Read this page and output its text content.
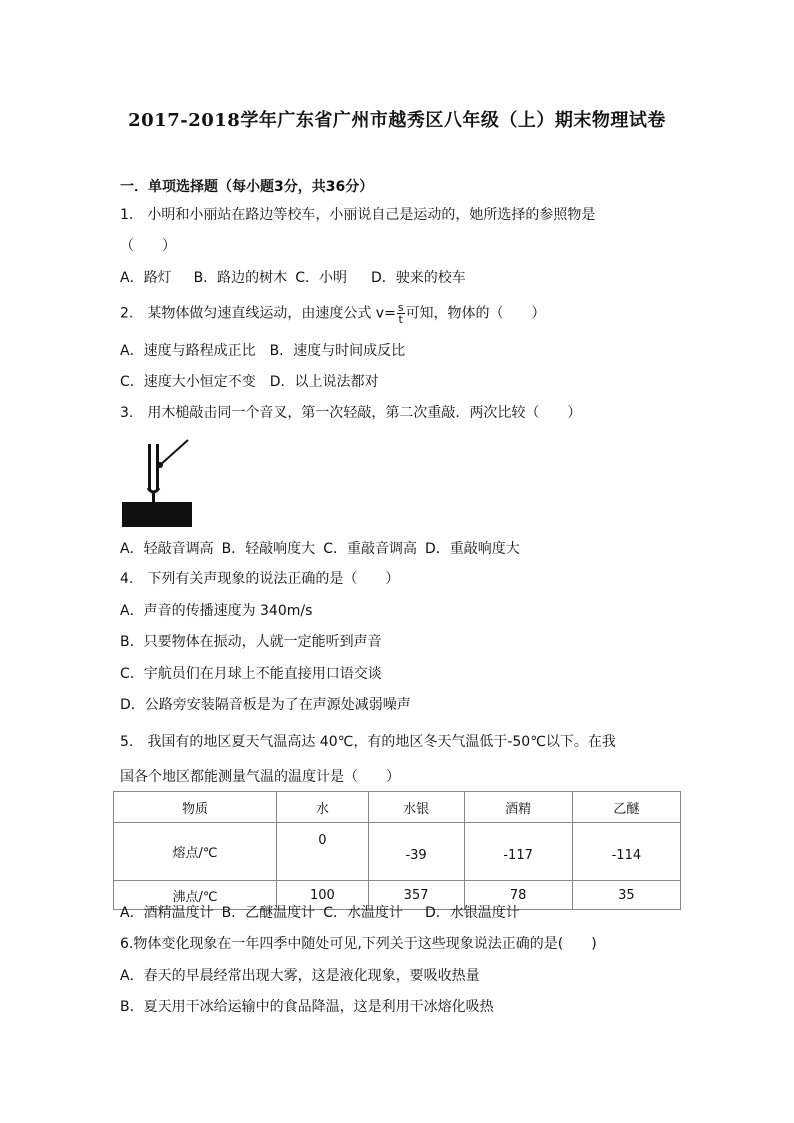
2017-2018学年广东省广州市越秀区八年级（上）期末物理试卷
一．单项选择题（每小题3分，共36分）
1.　小明和小丽站在路边等校车，小丽说自己是运动的，她所选择的参照物是
（　　）
A．路灯 B．路边的树木 C．小明 D．驶来的校车
2.　某物体做匀速直线运动，由速度公式 $v= \frac{s}{t}$ 可知，物体的（　　）
A．速度与路程成正比 B．速度与时间成反比
C．速度大小恒定不变 D．以上说法都对
3.　用木槌敲击同一个音叉，第一次轻敲，第二次重敲．两次比较（　　）
A．轻敲音调高 B．轻敲响度大 C．重敲音调高 D．重敲响度大
4.　下列有关声现象的说法正确的是（　　）
A．声音的传播速度为 340m/s
B．只要物体在振动，人就一定能听到声音
C．宇航员们在月球上不能直接用口语交谈
D．公路旁安装隔音板是为了在声源处减弱噪声
5.　我国有的地区夏天气温高达 40℃，有的地区冬天气温低于-50℃以下。在我
国各个地区都能测量气温的温度计是（　　）
物质	水	水银	酒精	乙醚
熔点/℃	0	-39	-117	-114
沸点/℃	100	357	78	35
A．酒精温度计 B．乙醚温度计 C．水温度计 D．水银温度计
6.物体变化现象在一年四季中随处可见,下列关于这些现象说法正确的是(　　)
A．春天的早晨经常出现大雾，这是液化现象，要吸收热量
B．夏天用干冰给运输中的食品降温，这是利用干冰熔化吸热
